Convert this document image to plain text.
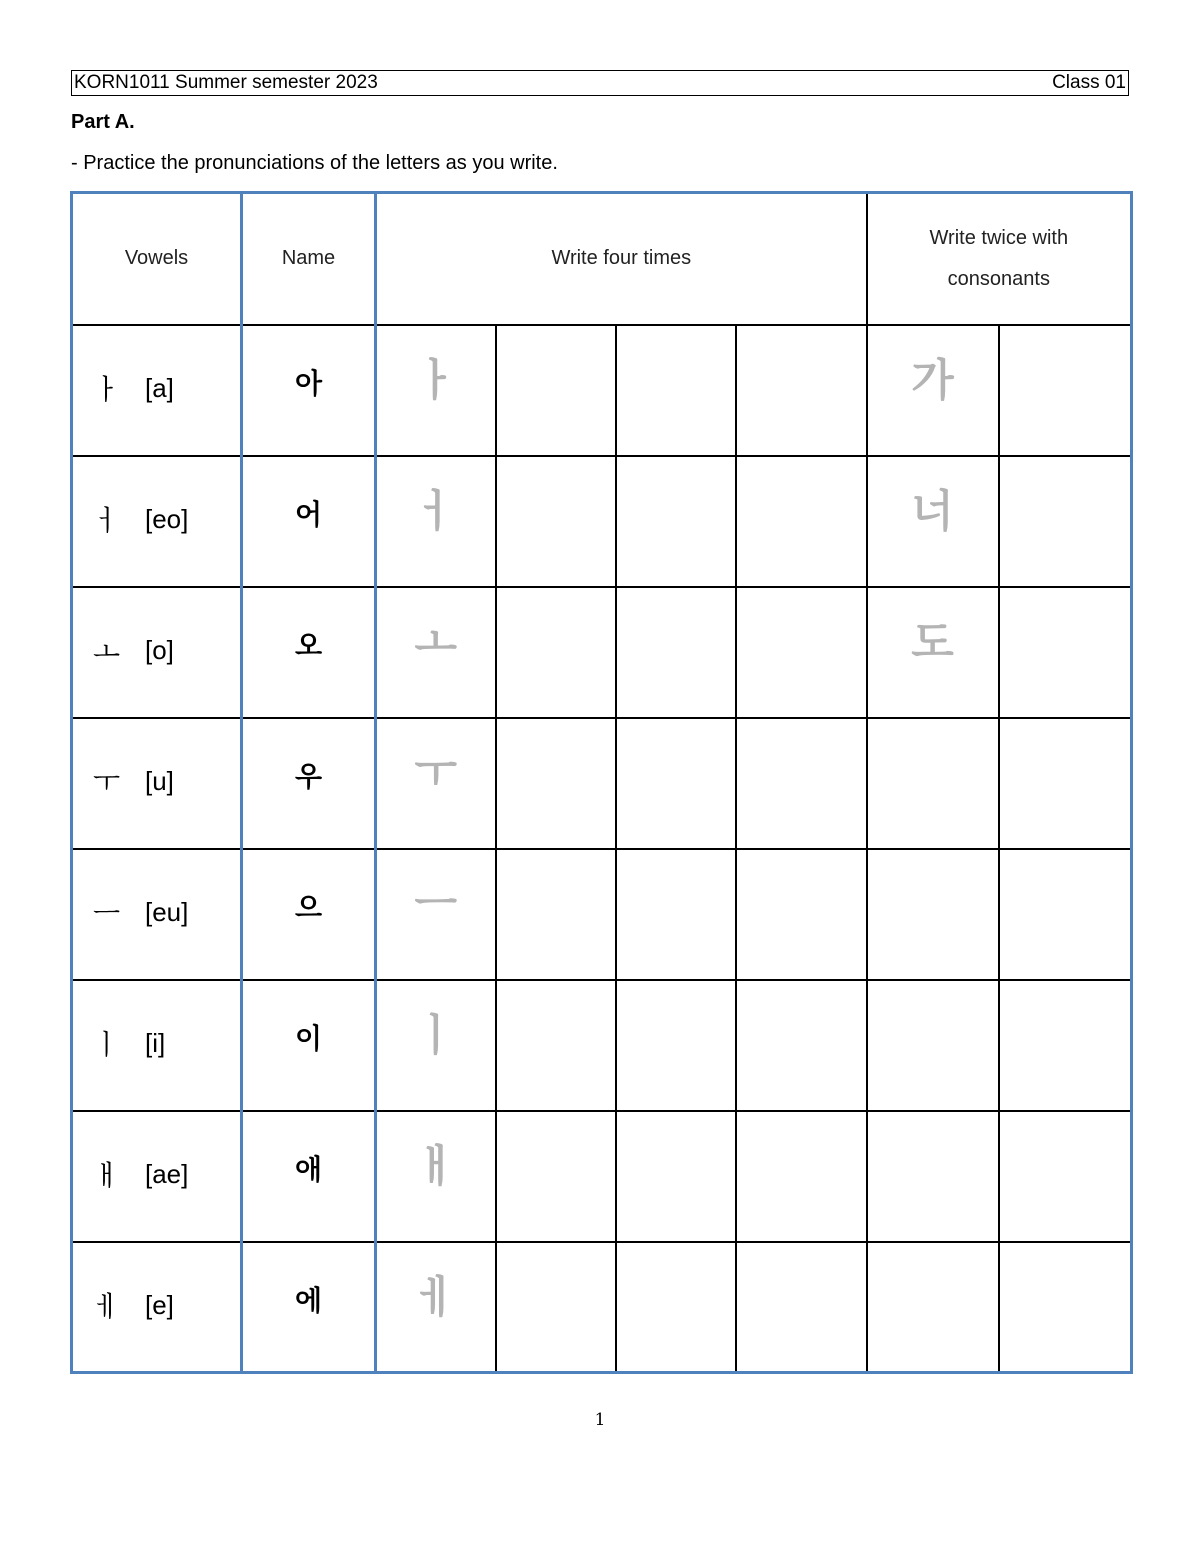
KORN1011 Summer semester 2023	Class 01
Part A.
- Practice the pronunciations of the letters as you write.
Vowels	Name	Write four times				Write twice with
consonants	

ㅏ [a]	아	ㅏ				가	

ㅓ [eo]	어	ㅓ				너	

ㅗ [o]	오	ㅗ				도	

ㅜ [u]	우	ㅜ					

ㅡ [eu]	으	ㅡ					

ㅣ [i]	이	ㅣ					

ㅐ [ae]	애	ㅐ					

ㅔ [e]	에	ㅔ					
1
